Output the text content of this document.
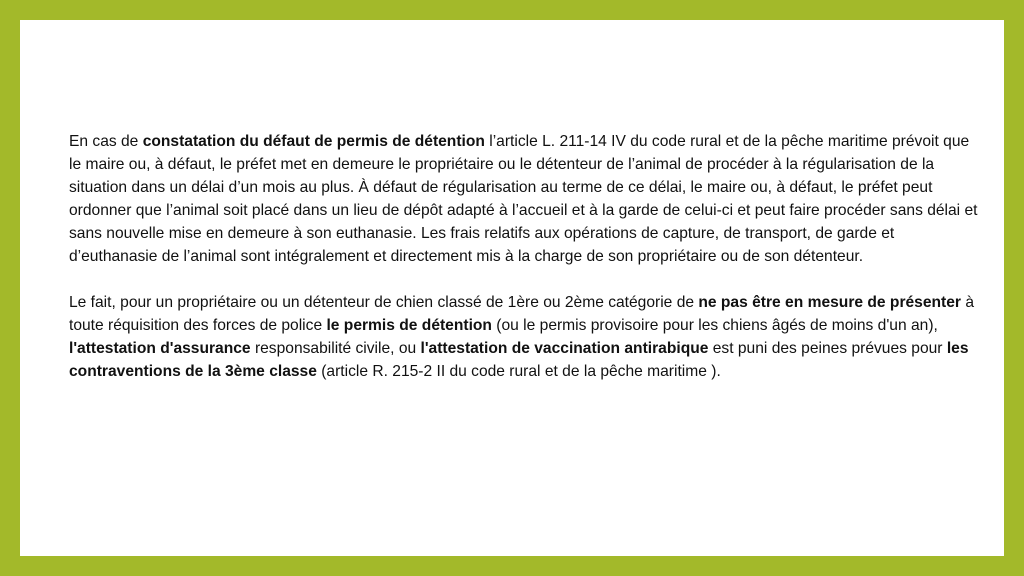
En cas de constatation du défaut de permis de détention l’article L. 211-14 IV du code rural et de la pêche maritime prévoit que le maire ou, à défaut, le préfet met en demeure le propriétaire ou le détenteur de l’animal de procéder à la régularisation de la situation dans un délai d’un mois au plus. À défaut de régularisation au terme de ce délai, le maire ou, à défaut, le préfet peut ordonner que l’animal soit placé dans un lieu de dépôt adapté à l’accueil et à la garde de celui-ci et peut faire procéder sans délai et sans nouvelle mise en demeure à son euthanasie. Les frais relatifs aux opérations de capture, de transport, de garde et d’euthanasie de l’animal sont intégralement et directement mis à la charge de son propriétaire ou de son détenteur.

Le fait, pour un propriétaire ou un détenteur de chien classé de 1ère ou 2ème catégorie de ne pas être en mesure de présenter à toute réquisition des forces de police le permis de détention (ou le permis provisoire pour les chiens âgés de moins d'un an), l'attestation d'assurance responsabilité civile, ou l'attestation de vaccination antirabique est puni des peines prévues pour les contraventions de la 3ème classe (article R. 215-2 II du code rural et de la pêche maritime ).
